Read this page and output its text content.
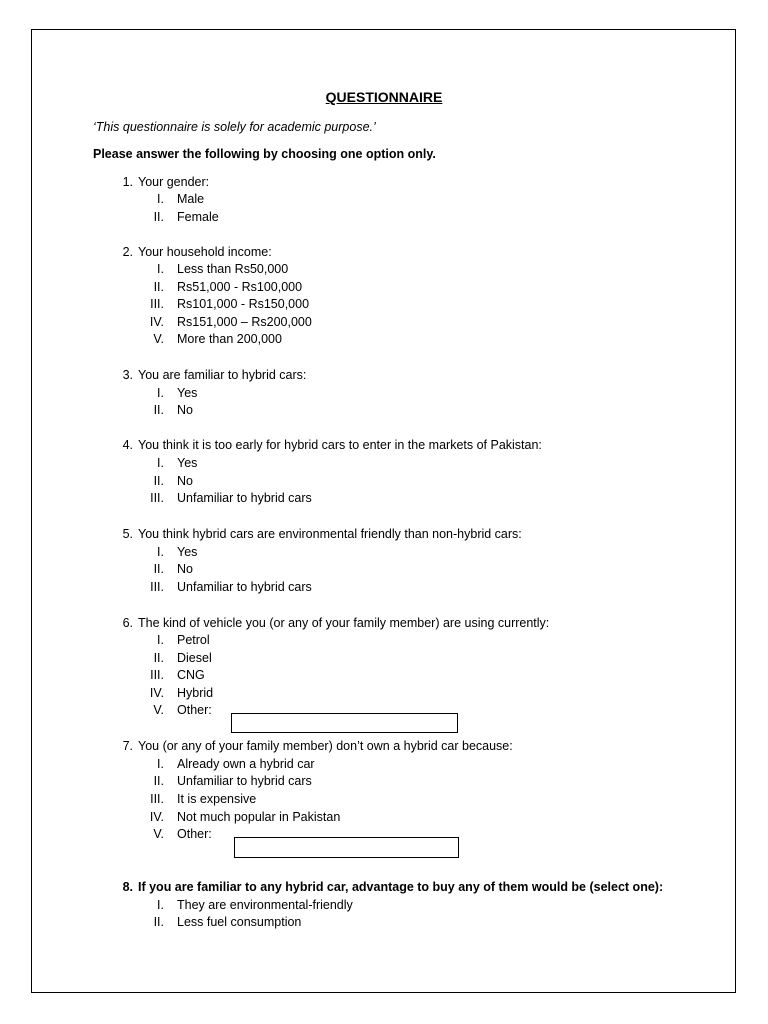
QUESTIONNAIRE
‘This questionnaire is solely for academic purpose.’
Please answer the following by choosing one option only.
1. Your gender:
I. Male
II. Female
2. Your household income:
I. Less than Rs50,000
II. Rs51,000 - Rs100,000
III. Rs101,000 - Rs150,000
IV. Rs151,000 – Rs200,000
V. More than 200,000
3. You are familiar to hybrid cars:
I. Yes
II. No
4. You think it is too early for hybrid cars to enter in the markets of Pakistan:
I. Yes
II. No
III. Unfamiliar to hybrid cars
5. You think hybrid cars are environmental friendly than non-hybrid cars:
I. Yes
II. No
III. Unfamiliar to hybrid cars
6. The kind of vehicle you (or any of your family member) are using currently:
I. Petrol
II. Diesel
III. CNG
IV. Hybrid
V. Other:
7. You (or any of your family member) don’t own a hybrid car because:
I. Already own a hybrid car
II. Unfamiliar to hybrid cars
III. It is expensive
IV. Not much popular in Pakistan
V. Other:
8. If you are familiar to any hybrid car, advantage to buy any of them would be (select one):
I. They are environmental-friendly
II. Less fuel consumption
